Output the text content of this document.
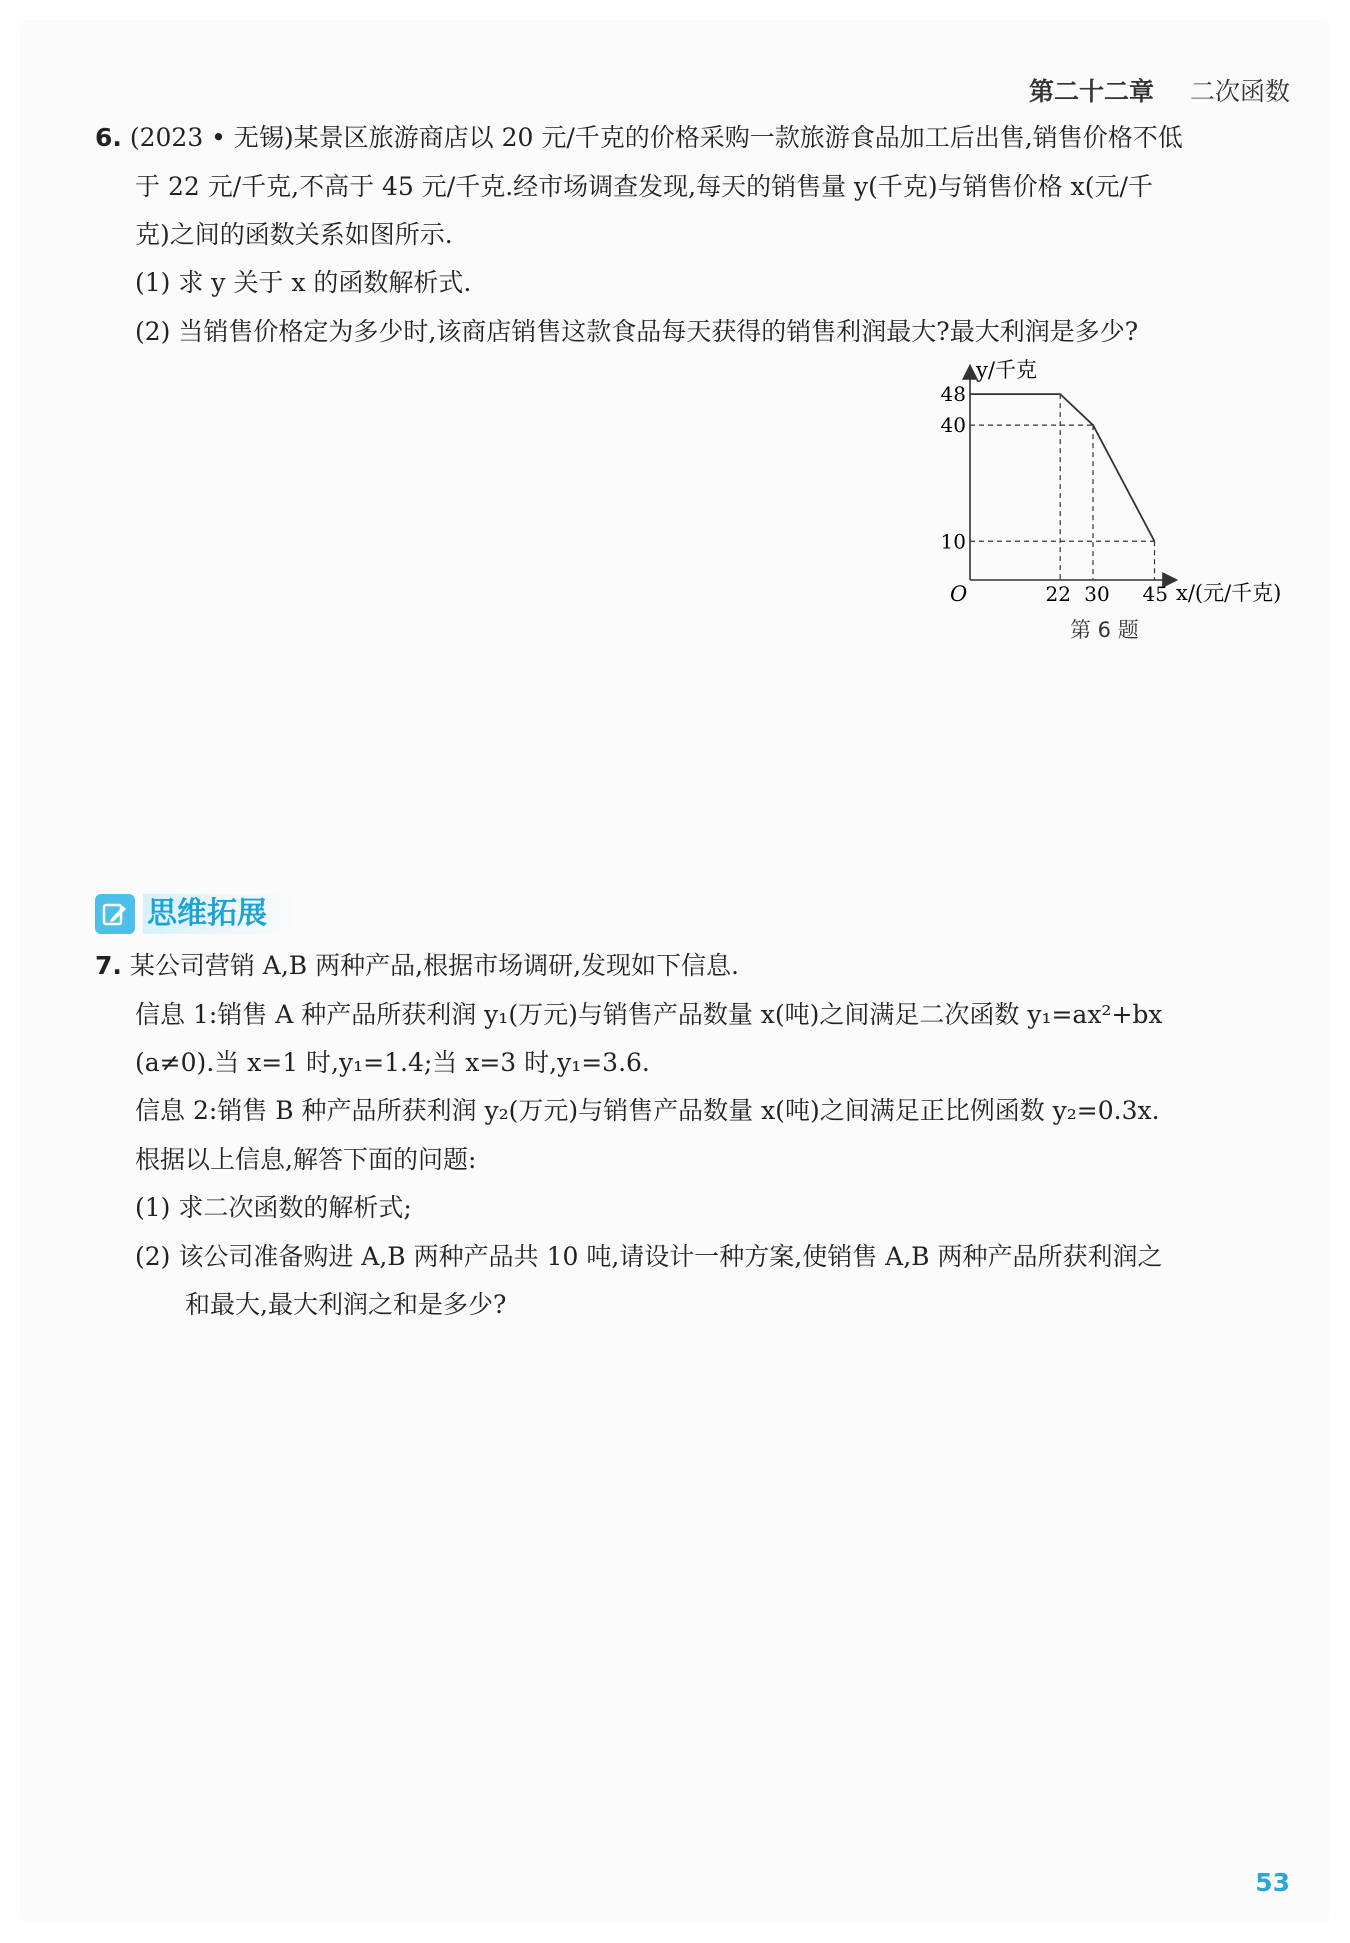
第二十二章 二次函数
6. (2023 • 无锡)某景区旅游商店以 20 元/千克的价格采购一款旅游食品加工后出售,销售价格不低
于 22 元/千克,不高于 45 元/千克.经市场调查发现,每天的销售量 y(千克)与销售价格 x(元/千
克)之间的函数关系如图所示.
(1) 求 y 关于 x 的函数解析式.
(2) 当销售价格定为多少时,该商店销售这款食品每天获得的销售利润最大?最大利润是多少?
22 30 45
48
40
10
O	x/(元/千克)
y/千克
第 6 题
思维拓展
7. 某公司营销 A,B 两种产品,根据市场调研,发现如下信息.
信息 1:销售 A 种产品所获利润 y₁(万元)与销售产品数量 x(吨)之间满足二次函数 y₁=ax²+bx
(a≠0).当 x=1 时,y₁=1.4;当 x=3 时,y₁=3.6.
信息 2:销售 B 种产品所获利润 y₂(万元)与销售产品数量 x(吨)之间满足正比例函数 y₂=0.3x.
根据以上信息,解答下面的问题:
(1) 求二次函数的解析式;
(2) 该公司准备购进 A,B 两种产品共 10 吨,请设计一种方案,使销售 A,B 两种产品所获利润之
和最大,最大利润之和是多少?
53
